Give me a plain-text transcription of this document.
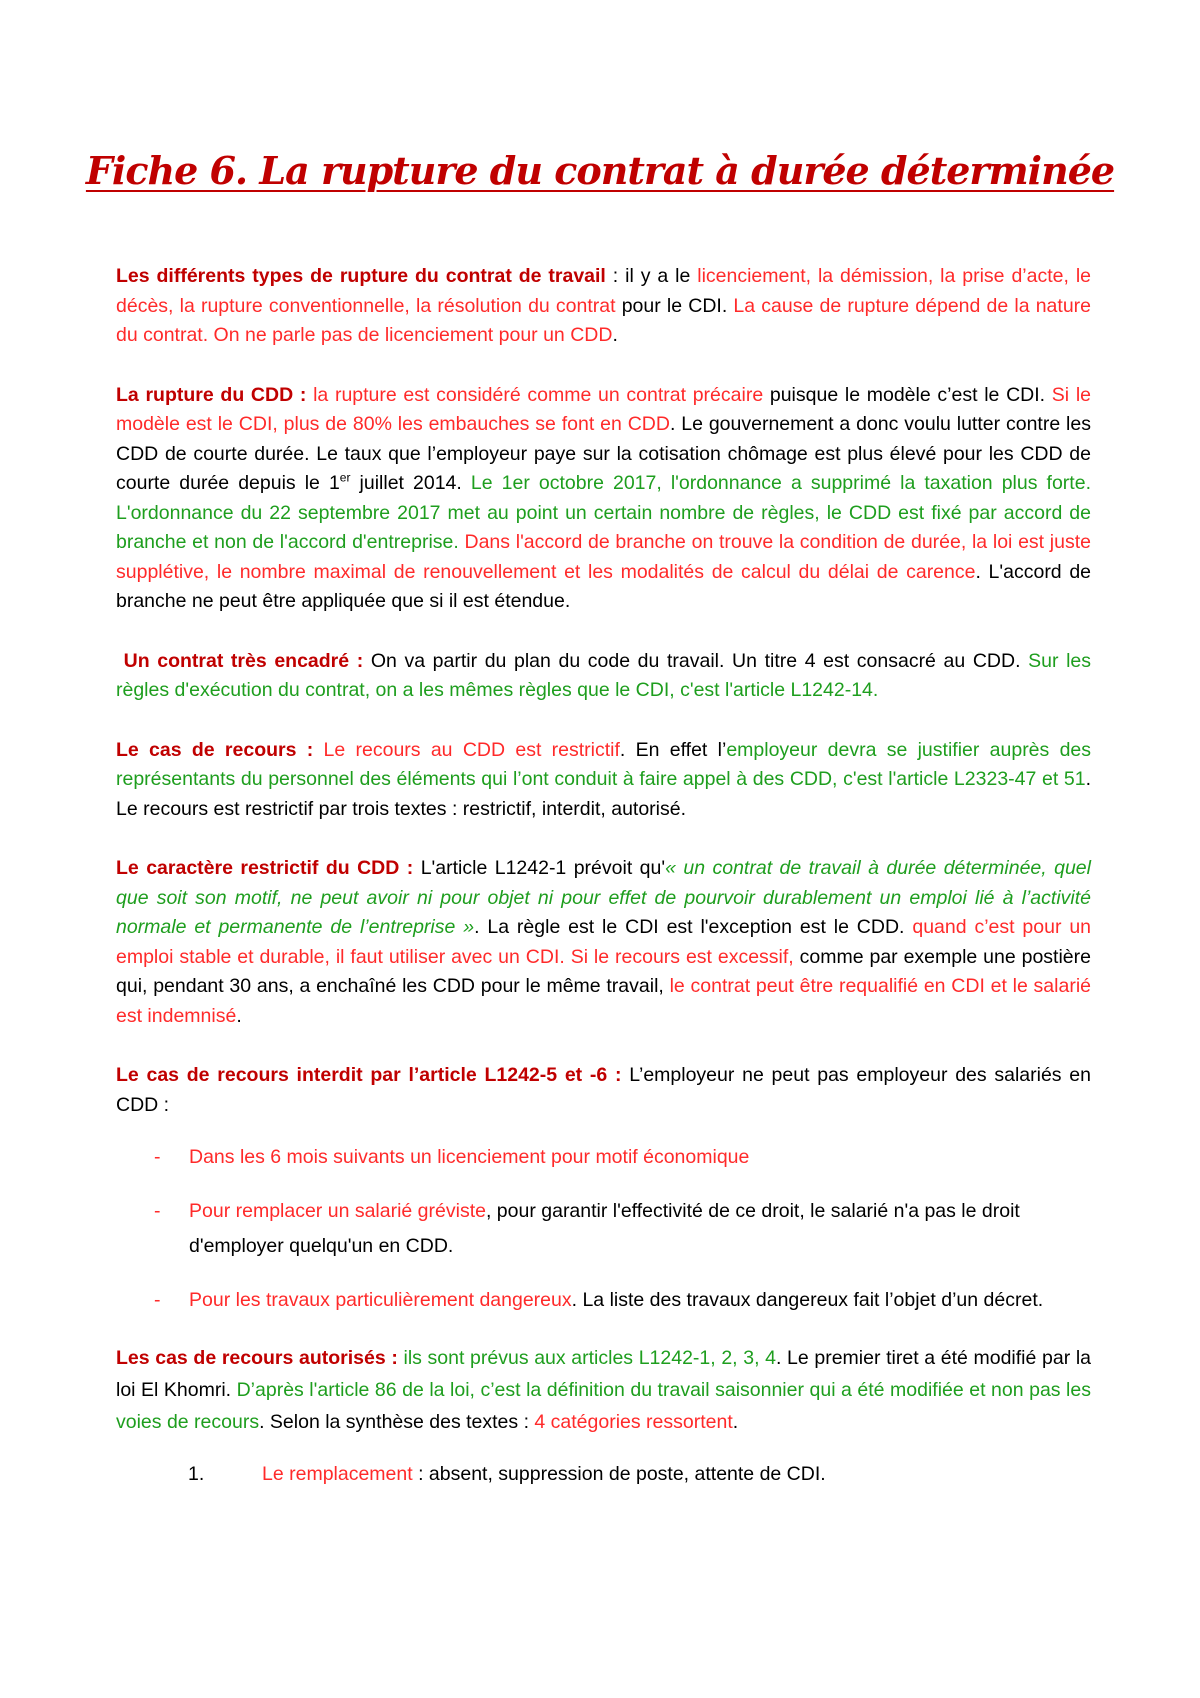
Fiche 6. La rupture du contrat à durée déterminée

Les différents types de rupture du contrat de travail : il y a le licenciement, la démission, la prise d’acte, le décès, la rupture conventionnelle, la résolution du contrat pour le CDI. La cause de rupture dépend de la nature du contrat. On ne parle pas de licenciement pour un CDD.

La rupture du CDD : la rupture est considéré comme un contrat précaire puisque le modèle c’est le CDI. Si le modèle est le CDI, plus de 80% les embauches se font en CDD. Le gouvernement a donc voulu lutter contre les CDD de courte durée. Le taux que l’employeur paye sur la cotisation chômage est plus élevé pour les CDD de courte durée depuis le 1er juillet 2014. Le 1er octobre 2017, l'ordonnance a supprimé la taxation plus forte. L'ordonnance du 22 septembre 2017 met au point un certain nombre de règles, le CDD est fixé par accord de branche et non de l'accord d'entreprise. Dans l'accord de branche on trouve la condition de durée, la loi est juste supplétive, le nombre maximal de renouvellement et les modalités de calcul du délai de carence. L'accord de branche ne peut être appliquée que si il est étendue.

Un contrat très encadré : On va partir du plan du code du travail. Un titre 4 est consacré au CDD. Sur les règles d'exécution du contrat, on a les mêmes règles que le CDI, c'est l'article L1242-14.

Le cas de recours : Le recours au CDD est restrictif. En effet l’employeur devra se justifier auprès des représentants du personnel des éléments qui l’ont conduit à faire appel à des CDD, c'est l'article L2323-47 et 51. Le recours est restrictif par trois textes : restrictif, interdit, autorisé.

Le caractère restrictif du CDD : L'article L1242-1 prévoit qu'« un contrat de travail à durée déterminée, quel que soit son motif, ne peut avoir ni pour objet ni pour effet de pourvoir durablement un emploi lié à l’activité normale et permanente de l’entreprise ». La règle est le CDI est l'exception est le CDD. quand c’est pour un emploi stable et durable, il faut utiliser avec un CDI. Si le recours est excessif, comme par exemple une postière qui, pendant 30 ans, a enchaîné les CDD pour le même travail, le contrat peut être requalifié en CDI et le salarié est indemnisé.

Le cas de recours interdit par l’article L1242-5 et -6 : L’employeur ne peut pas employeur des salariés en CDD :

- Dans les 6 mois suivants un licenciement pour motif économique
- Pour remplacer un salarié gréviste, pour garantir l'effectivité de ce droit, le salarié n'a pas le droit d'employer quelqu'un en CDD.
- Pour les travaux particulièrement dangereux. La liste des travaux dangereux fait l’objet d’un décret.

Les cas de recours autorisés : ils sont prévus aux articles L1242-1, 2, 3, 4. Le premier tiret a été modifié par la loi El Khomri. D’après l'article 86 de la loi, c’est la définition du travail saisonnier qui a été modifiée et non pas les voies de recours. Selon la synthèse des textes : 4 catégories ressortent.

1.	Le remplacement : absent, suppression de poste, attente de CDI.
